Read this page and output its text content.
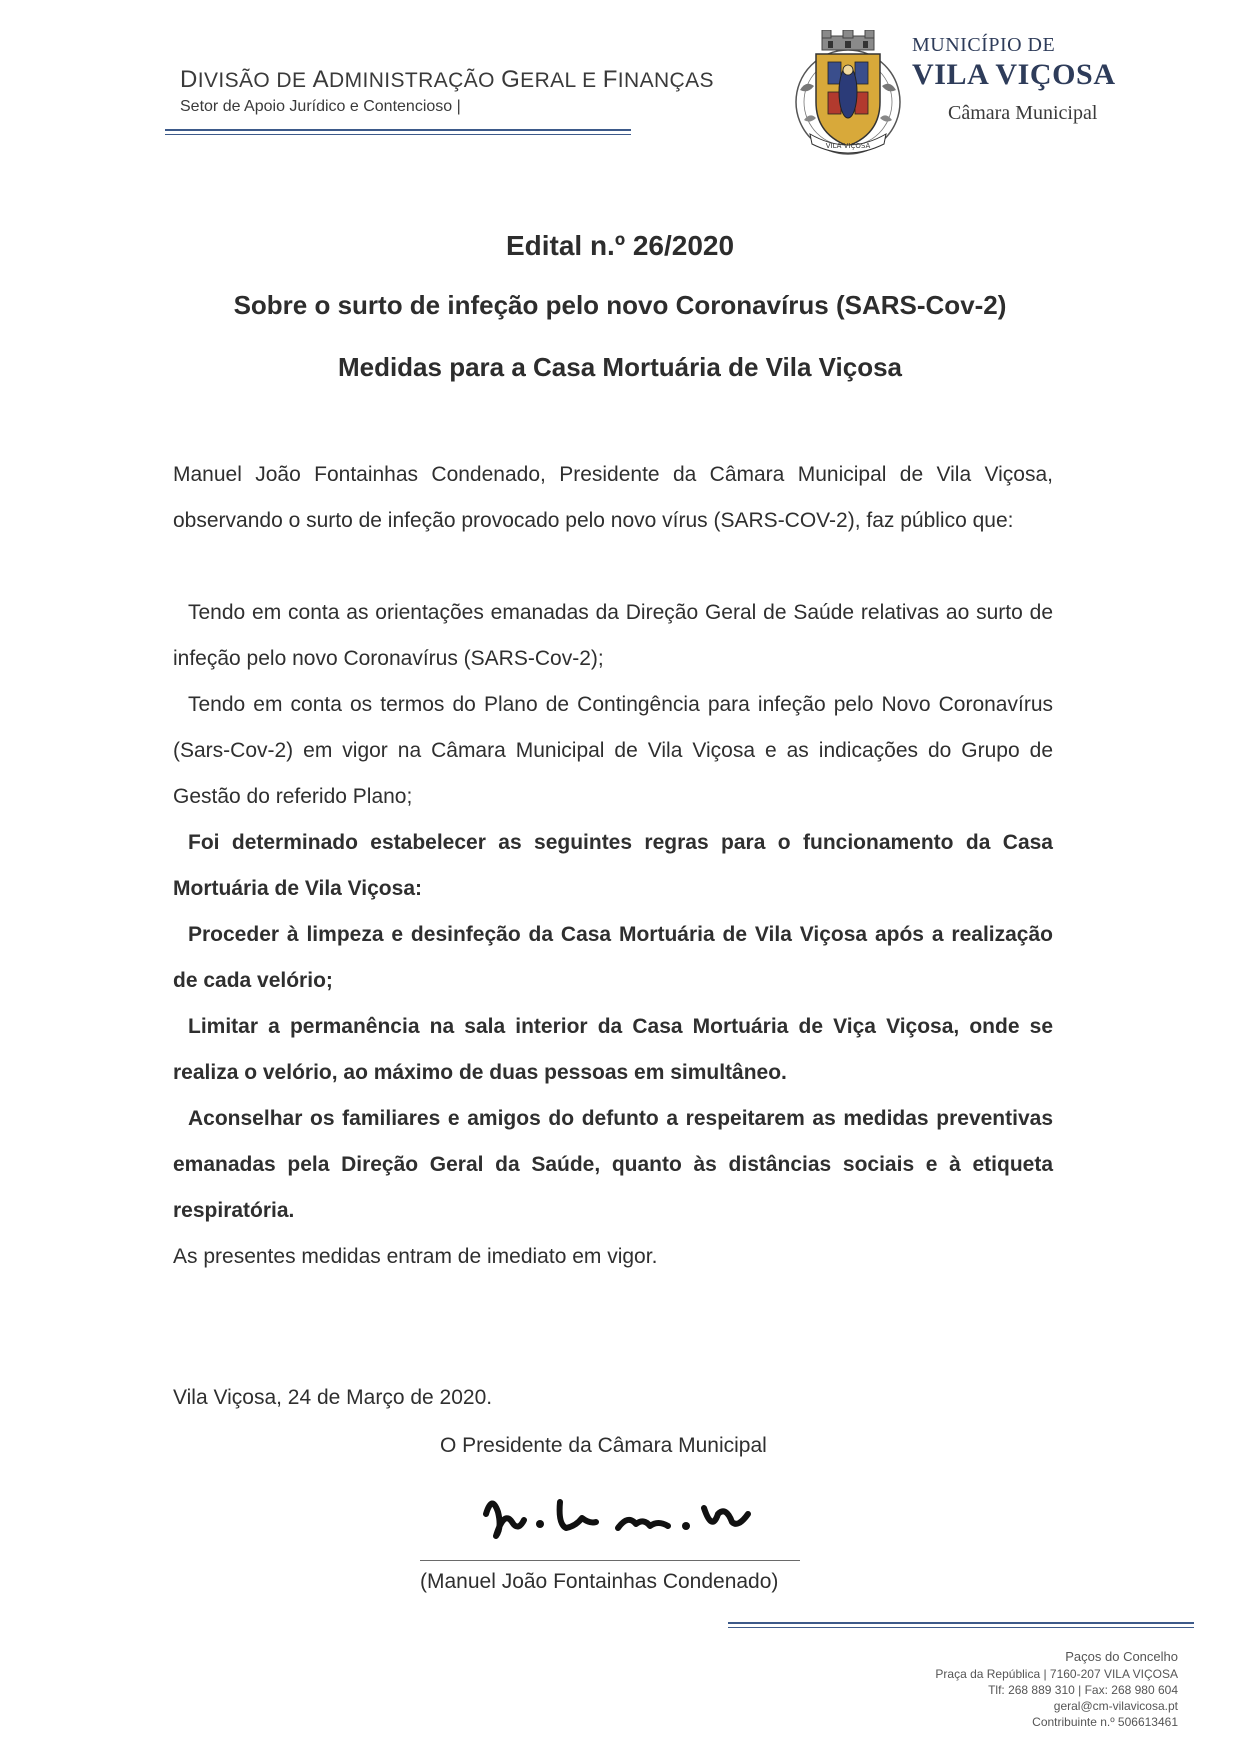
DIVISÃO DE ADMINISTRAÇÃO GERAL E FINANÇAS
Setor de Apoio Jurídico e Contencioso |
VILA VIÇOSA
MUNICÍPIO DE
VILA VIÇOSA
Câmara Municipal
Edital n.º 26/2020
Sobre o surto de infeção pelo novo Coronavírus (SARS-Cov-2)
Medidas para a Casa Mortuária de Vila Viçosa
Manuel João Fontainhas Condenado, Presidente da Câmara Municipal de Vila Viçosa, observando o surto de infeção provocado pelo novo vírus (SARS-COV-2), faz público que:
Tendo em conta as orientações emanadas da Direção Geral de Saúde relativas ao surto de infeção pelo novo Coronavírus (SARS-Cov-2);
Tendo em conta os termos do Plano de Contingência para infeção pelo Novo Coronavírus (Sars-Cov-2) em vigor na Câmara Municipal de Vila Viçosa e as indicações do Grupo de Gestão do referido Plano;
Foi determinado estabelecer as seguintes regras para o funcionamento da Casa Mortuária de Vila Viçosa:
Proceder à limpeza e desinfeção da Casa Mortuária de Vila Viçosa após a realização de cada velório;
Limitar a permanência na sala interior da Casa Mortuária de Viça Viçosa, onde se realiza o velório, ao máximo de duas pessoas em simultâneo.
Aconselhar os familiares e amigos do defunto a respeitarem as medidas preventivas emanadas pela Direção Geral da Saúde, quanto às distâncias sociais e à etiqueta respiratória.
As presentes medidas entram de imediato em vigor.
Vila Viçosa, 24 de Março de 2020.
O Presidente da Câmara Municipal
(Manuel João Fontainhas Condenado)
Paços do Concelho
Praça da República | 7160-207 VILA VIÇOSA
Tlf: 268 889 310 | Fax: 268 980 604
geral@cm-vilavicosa.pt
Contribuinte n.º 506613461
